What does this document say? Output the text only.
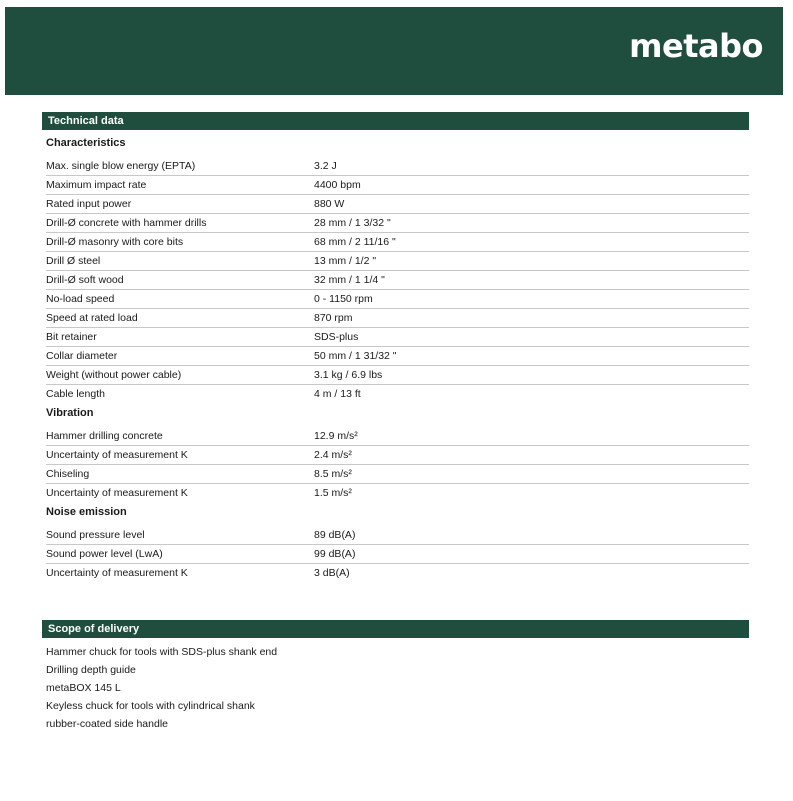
metabo
Technical data
Characteristics
Max. single blow energy (EPTA)	3.2 J
Maximum impact rate	4400 bpm
Rated input power	880 W
Drill-Ø concrete with hammer drills	28 mm / 1 3/32 "
Drill-Ø masonry with core bits	68 mm / 2 11/16 "
Drill Ø steel	13 mm / 1/2 "
Drill-Ø soft wood	32 mm / 1 1/4 "
No-load speed	0 - 1150 rpm
Speed at rated load	870 rpm
Bit retainer	SDS-plus
Collar diameter	50 mm / 1 31/32 "
Weight (without power cable)	3.1 kg / 6.9 lbs
Cable length	4 m / 13 ft
Vibration
Hammer drilling concrete	12.9 m/s²
Uncertainty of measurement K	2.4 m/s²
Chiseling	8.5 m/s²
Uncertainty of measurement K	1.5 m/s²
Noise emission
Sound pressure level	89 dB(A)
Sound power level (LwA)	99 dB(A)
Uncertainty of measurement K	3 dB(A)
Scope of delivery
Hammer chuck for tools with SDS-plus shank end
Drilling depth guide
metaBOX 145 L
Keyless chuck for tools with cylindrical shank
rubber-coated side handle
